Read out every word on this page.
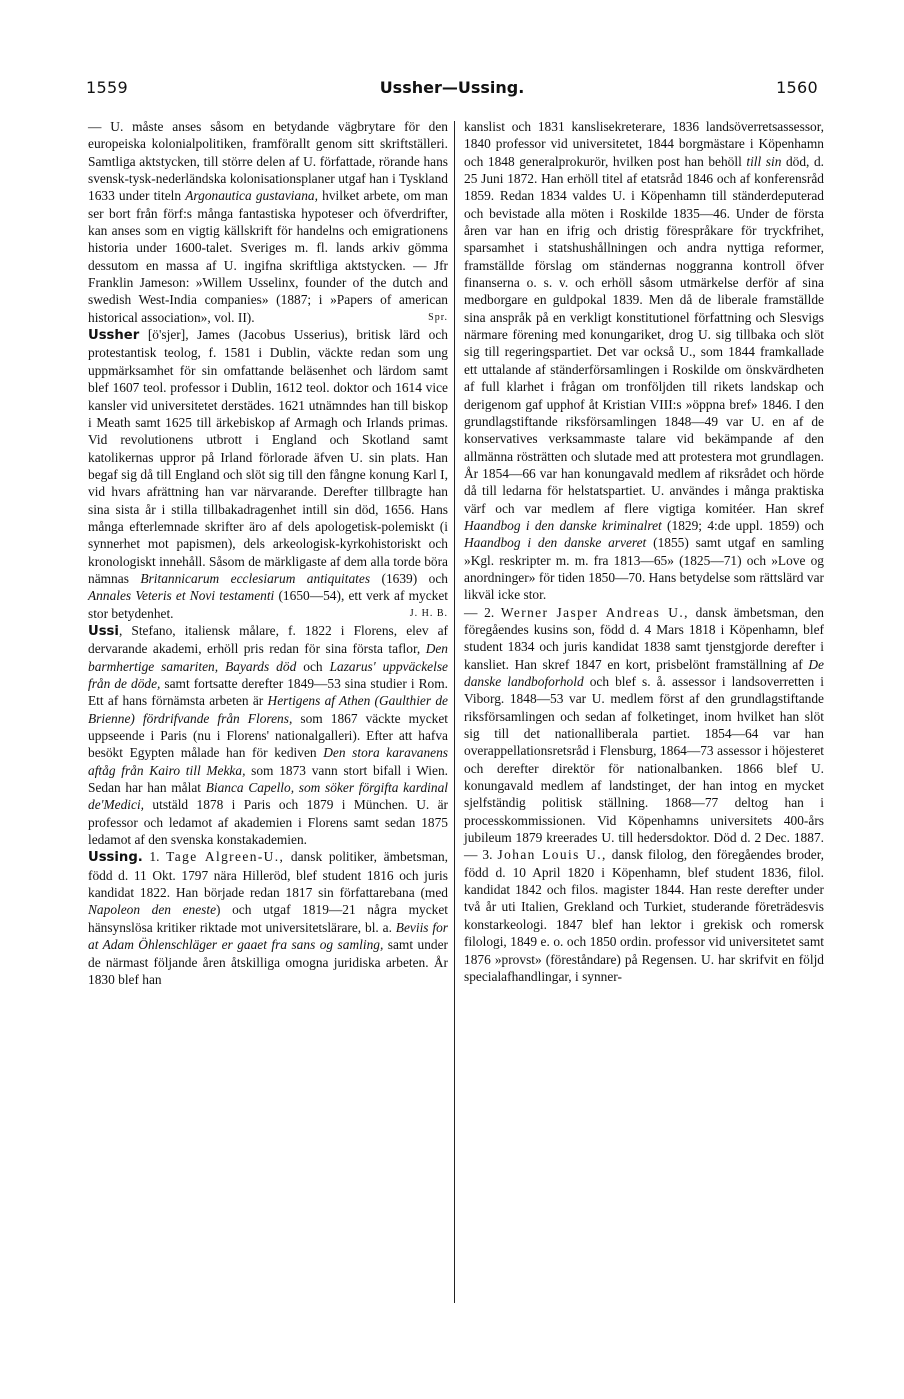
1559	Ussher—Ussing.	1560

— U. måste anses såsom en betydande vägbrytare för den europeiska kolonialpolitiken, framförallt genom sitt skriftställeri. Samtliga aktstycken, till större delen af U. författade, rörande hans svensk-tysk-nederländska kolonisationsplaner utgaf han i Tyskland 1633 under titeln Argonautica gustaviana, hvilket arbete, om man ser bort från förf:s många fantastiska hypoteser och öfverdrifter, kan anses som en vigtig källskrift för handelns och emigrationens historia under 1600-talet. Sveriges m. fl. lands arkiv gömma dessutom en massa af U. ingifna skriftliga aktstycken. — Jfr Franklin Jameson: »Willem Usselinx, founder of the dutch and swedish West-India companies» (1887; i »Papers of american historical association», vol. II).	Spr.

Ussher [ö'sjer], James (Jacobus Usserius), britisk lärd och protestantisk teolog, f. 1581 i Dublin, väckte redan som ung uppmärksamhet för sin omfattande beläsenhet och lärdom samt blef 1607 teol. professor i Dublin, 1612 teol. doktor och 1614 vice kansler vid universitetet derstädes. 1621 utnämndes han till biskop i Meath samt 1625 till ärkebiskop af Armagh och Irlands primas. Vid revolutionens utbrott i England och Skotland samt katolikernas uppror på Irland förlorade äfven U. sin plats. Han begaf sig då till England och slöt sig till den fångne konung Karl I, vid hvars afrättning han var närvarande. Derefter tillbragte han sina sista år i stilla tillbakadragenhet intill sin död, 1656. Hans många efterlemnade skrifter äro af dels apologetisk-polemiskt (i synnerhet mot papismen), dels arkeologisk-kyrkohistoriskt och kronologiskt innehåll. Såsom de märkligaste af dem alla torde böra nämnas Britannicarum ecclesiarum antiquitates (1639) och Annales Veteris et Novi testamenti (1650—54), ett verk af mycket stor betydenhet.	J. H. B.

Ussi, Stefano, italiensk målare, f. 1822 i Florens, elev af dervarande akademi, erhöll pris redan för sina första taflor, Den barmhertige samariten, Bayards död och Lazarus' uppväckelse från de döde, samt fortsatte derefter 1849—53 sina studier i Rom. Ett af hans förnämsta arbeten är Hertigens af Athen (Gaulthier de Brienne) fördrifvande från Florens, som 1867 väckte mycket uppseende i Paris (nu i Florens' nationalgalleri). Efter att hafva besökt Egypten målade han för kediven Den stora karavanens aftåg från Kairo till Mekka, som 1873 vann stort bifall i Wien. Sedan har han målat Bianca Capello, som söker förgifta kardinal de'Medici, utstäld 1878 i Paris och 1879 i München. U. är professor och ledamot af akademien i Florens samt sedan 1875 ledamot af den svenska konstakademien.

Ussing. 1. Tage Algreen-U., dansk politiker, ämbetsman, född d. 11 Okt. 1797 nära Hilleröd, blef student 1816 och juris kandidat 1822. Han började redan 1817 sin författarebana (med Napoleon den eneste) och utgaf 1819—21 några mycket hänsynslösa kritiker riktade mot universitetslärare, bl. a. Beviis for at Adam Öhlenschläger er gaaet fra sans og samling, samt under de närmast följande åren åtskilliga omogna juridiska arbeten. År 1830 blef han

kanslist och 1831 kanslisekreterare, 1836 landsöverretsassessor, 1840 professor vid universitetet, 1844 borgmästare i Köpenhamn och 1848 generalprokurör, hvilken post han behöll till sin död, d. 25 Juni 1872. Han erhöll titel af etatsråd 1846 och af konferensråd 1859. Redan 1834 valdes U. i Köpenhamn till ständerdeputerad och bevistade alla möten i Roskilde 1835—46. Under de första åren var han en ifrig och dristig förespråkare för tryckfrihet, sparsamhet i statshushållningen och andra nyttiga reformer, framställde förslag om ständernas noggranna kontroll öfver finanserna o. s. v. och erhöll såsom utmärkelse derför af sina medborgare en guldpokal 1839. Men då de liberale framställde sina anspråk på en verkligt konstitutionel författning och Slesvigs närmare förening med konungariket, drog U. sig tillbaka och slöt sig till regeringspartiet. Det var också U., som 1844 framkallade ett uttalande af ständerförsamlingen i Roskilde om önskvärdheten af full klarhet i frågan om tronföljden till rikets landskap och derigenom gaf upphof åt Kristian VIII:s »öppna bref» 1846. I den grundlagstiftande riksförsamlingen 1848—49 var U. en af de konservatives verksammaste talare vid bekämpande af den allmänna rösträtten och slutade med att protestera mot grundlagen. År 1854—66 var han konungavald medlem af riksrådet och hörde då till ledarna för helstatspartiet. U. användes i många praktiska värf och var medlem af flere vigtiga komitéer. Han skref Haandbog i den danske kriminalret (1829; 4:de uppl. 1859) och Haandbog i den danske arveret (1855) samt utgaf en samling »Kgl. reskripter m. m. fra 1813—65» (1825—71) och »Love og anordninger» för tiden 1850—70. Hans betydelse som rättslärd var likväl icke stor.

— 2. Werner Jasper Andreas U., dansk ämbetsman, den föregåendes kusins son, född d. 4 Mars 1818 i Köpenhamn, blef student 1834 och juris kandidat 1838 samt tjenstgjorde derefter i kansliet. Han skref 1847 en kort, prisbelönt framställning af De danske landboforhold och blef s. å. assessor i landsoverretten i Viborg. 1848—53 var U. medlem först af den grundlagstiftande riksförsamlingen och sedan af folketinget, inom hvilket han slöt sig till det nationalliberala partiet. 1854—64 var han overappellationsretsråd i Flensburg, 1864—73 assessor i höjesteret och derefter direktör för nationalbanken. 1866 blef U. konungavald medlem af landstinget, der han intog en mycket sjelfständig politisk ställning. 1868—77 deltog han i processkommissionen. Vid Köpenhamns universitets 400-års jubileum 1879 kreerades U. till hedersdoktor. Död d. 2 Dec. 1887. — 3. Johan Louis U., dansk filolog, den föregåendes broder, född d. 10 April 1820 i Köpenhamn, blef student 1836, filol. kandidat 1842 och filos. magister 1844. Han reste derefter under två år uti Italien, Grekland och Turkiet, studerande företrädesvis konstarkeologi. 1847 blef han lektor i grekisk och romersk filologi, 1849 e. o. och 1850 ordin. professor vid universitetet samt 1876 »provst» (föreståndare) på Regensen. U. har skrifvit en följd specialafhandlingar, i synner-
